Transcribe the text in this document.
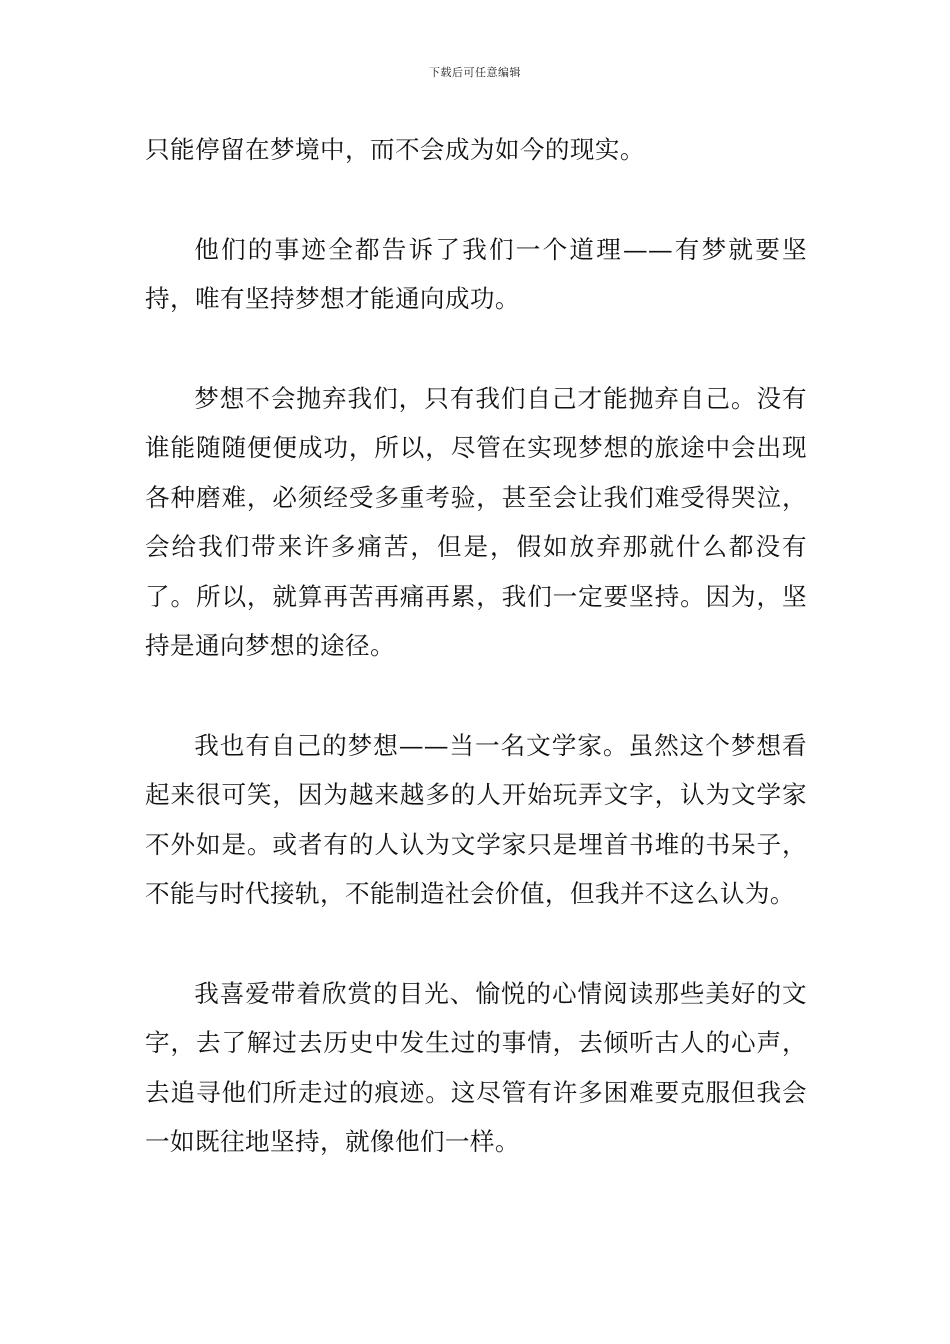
下载后可任意编辑

只能停留在梦境中，而不会成为如今的现实。

他们的事迹全都告诉了我们一个道理——有梦就要坚持，唯有坚持梦想才能通向成功。

梦想不会抛弃我们，只有我们自己才能抛弃自己。没有谁能随随便便成功，所以，尽管在实现梦想的旅途中会出现各种磨难，必须经受多重考验，甚至会让我们难受得哭泣，会给我们带来许多痛苦，但是，假如放弃那就什么都没有了。所以，就算再苦再痛再累，我们一定要坚持。因为，坚持是通向梦想的途径。

我也有自己的梦想——当一名文学家。虽然这个梦想看起来很可笑，因为越来越多的人开始玩弄文字，认为文学家不外如是。或者有的人认为文学家只是埋首书堆的书呆子，不能与时代接轨，不能制造社会价值，但我并不这么认为。

我喜爱带着欣赏的目光、愉悦的心情阅读那些美好的文字，去了解过去历史中发生过的事情，去倾听古人的心声，去追寻他们所走过的痕迹。这尽管有许多困难要克服但我会一如既往地坚持，就像他们一样。
